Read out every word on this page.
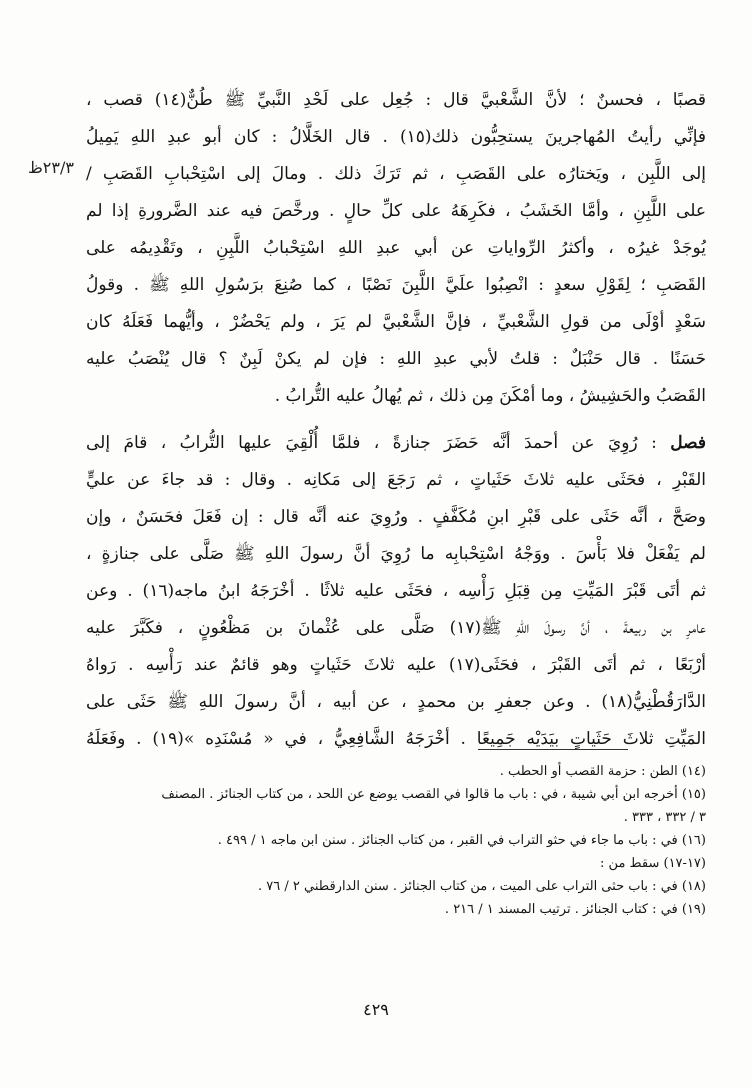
٢٣/٣ظ
قصبًا ، فحسنٌ ؛ لأنَّ الشَّعْبيَّ قال : جُعِل على لَحْدِ النَّبيِّ ﷺ طُنٌّ(١٤) قصب ،
فإنِّي رأيتُ المُهاجرينَ يستحِبُّون ذلك(١٥) . قال الخَلَّالُ : كان أبو عبدِ اللهِ يَمِيلُ
إلى اللَّبِن ، ويَختارُه على القَصَبِ ، ثم تَرَكَ ذلك . ومالَ إلى اسْتِحْبابِ القَصَبِ /
على اللَّبِنِ ، وأمَّا الخَشَبُ ، فكَرِهَهُ على كلِّ حالٍ . ورخَّصَ فيه عند الضَّرورةِ إذا لم
يُوجَدْ غيرُه ، وأكثرُ الرِّواياتِ عن أبي عبدِ اللهِ اسْتِحْبابُ اللَّبِنِ ، وتَقْدِيمُه على
القَصَبِ ؛ لِقَوْلِ سعدٍ : انْصِبُوا علَيَّ اللَّبِنَ نَصْبًا ، كما صُنِعَ برَسُولِ اللهِ ﷺ . وقولُ
سَعْدٍ أوْلَى من قولِ الشَّعْبيِّ ، فإنَّ الشَّعْبيَّ لم يَرَ ، ولم يَحْضُرْ ، وأيُّهما فَعَلَهُ كان
حَسَنًا . قال حَنْبَلٌ : قلتُ لأبي عبدِ اللهِ : فإن لم يكنْ لَبِنٌ ؟ قال يُنْصَبُ عليه
القَصَبُ والحَشِيشُ ، وما أمْكَنَ مِن ذلك ، ثم يُهالُ عليه التُّرابُ .
فصل : رُوِيَ عن أحمدَ أنَّه حَضَرَ جنازةً ، فلمَّا أُلْقِيَ عليها التُّرابُ ، قامَ إلى
القَبْرِ ، فحَثَى عليه ثلاثَ حَثَياتٍ ، ثم رَجَعَ إلى مَكانِه . وقال : قد جاءَ عن عليٍّ
وصَحَّ ، أنَّه حَثَى على قَبْرِ ابنِ مُكَفَّفٍ . ورُوِيَ عنه أنَّه قال : إن فَعَلَ فحَسَنٌ ، وإن
لم يَفْعَلْ فلا بَأْسَ . ووَجْهُ اسْتِحْبابِه ما رُوِيَ أنَّ رسولَ اللهِ ﷺ صَلَّى على جنازةٍ ،
ثم أتَى قَبْرَ المَيِّتِ مِن قِبَلِ رَأْسِه ، فحَثَى عليه ثلاثًا . أخْرَجَهُ ابنُ ماجه(١٦) . وعن
عامرِ بن ربيعةَ ، أنَّ رسولَ اللهِ ﷺ(١٧) صَلَّى على عُثْمانَ بن مَظْعُونٍ ، فكَبَّرَ عليه
أرْبَعًا ، ثم أتَى القَبْرَ ، فحَثَى(١٧) عليه ثلاثَ حَثَياتٍ وهو قائمٌ عند رَأْسِه . رَواهُ
الدَّارَقُطْنِيُّ(١٨) . وعن جعفرِ بن محمدٍ ، عن أبيه ، أنَّ رسولَ اللهِ ﷺ حَثَى على
المَيِّتِ ثلاثَ حَثَياتٍ بيَدَيْه جَمِيعًا . أخْرَجَهُ الشَّافِعِيُّ ، في « مُسْنَدِه »(١٩) . وفَعَلَهُ
(١٤) الطن : حزمة القصب أو الحطب .
(١٥) أخرجه ابن أبي شيبة ، في : باب ما قالوا في القصب يوضع عن اللحد ، من كتاب الجنائز . المصنف
٣ / ٣٣٢ ، ٣٣٣ .
(١٦) في : باب ما جاء في حثو التراب في القبر ، من كتاب الجنائز . سنن ابن ماجه ١ / ٤٩٩ .
(١٧-١٧) سقط من :
(١٨) في : باب حثى التراب على الميت ، من كتاب الجنائز . سنن الدارقطني ٢ / ٧٦ .
(١٩) في : كتاب الجنائز . ترتيب المسند ١ / ٢١٦ .
٤٢٩
